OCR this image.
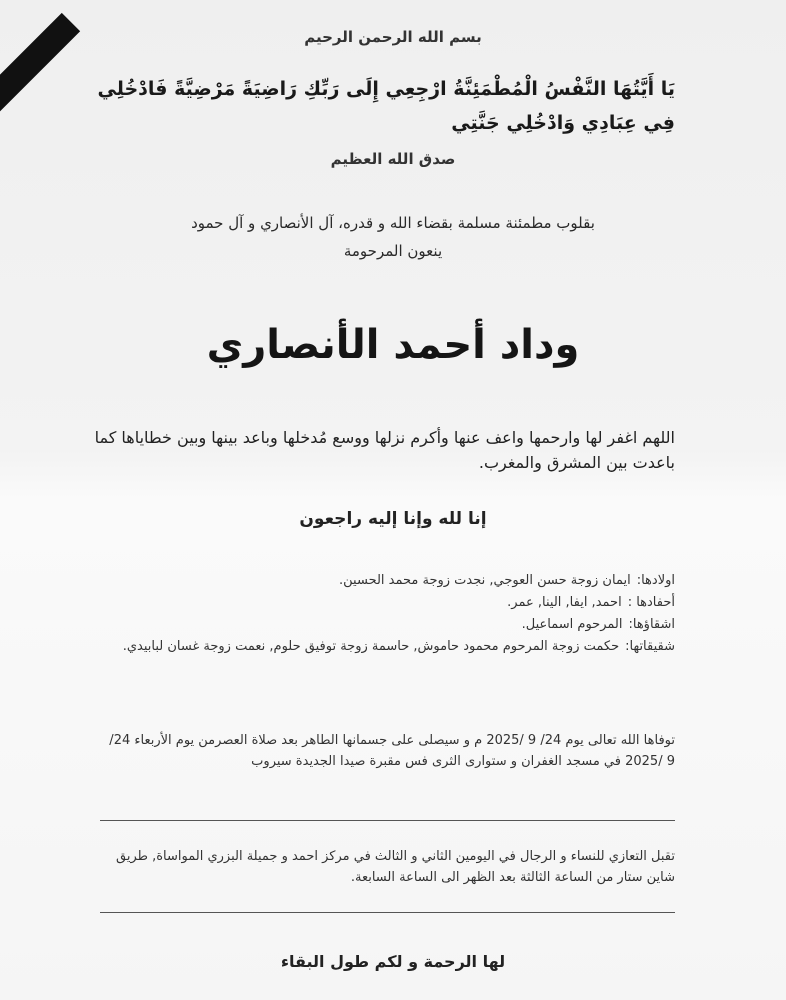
بسم الله الرحمن الرحيم
يَا أَيَّتُهَا النَّفْسُ الْمُطْمَئِنَّةُ ارْجِعِي إِلَى رَبِّكِ رَاضِيَةً مَرْضِيَّةً فَادْخُلِي فِي عِبَادِي وَادْخُلِي جَنَّتِي
صدق الله العظيم
بقلوب مطمئنة مسلمة بقضاء الله و قدره، آل الأنصاري و آل حمود
ينعون المرحومة
وداد أحمد الأنصاري
اللهم اغفر لها وارحمها واعف عنها وأكرم نزلها ووسع مُدخلها وباعد بينها وبين خطاياها كما باعدت بين المشرق والمغرب.
إنا لله وإنا إليه راجعون
اولادها:ايمان زوجة حسن العوجي, نجدت زوجة محمد الحسين.
أحفادها :احمد, ايفا, الينا, عمر.
اشقاؤها:المرحوم اسماعيل.
شقيقاتها:حكمت زوجة المرحوم محمود حاموش, حاسمة زوجة توفيق حلوم, نعمت زوجة غسان لبابيدي.
توفاها الله تعالى يوم 24/ 9 /2025 م و سيصلى على جسمانها الطاهر بعد صلاة العصرمن يوم الأربعاء 24/ 9 /2025 في مسجد الغفران و ستوارى الثرى فس مقبرة صيدا الجديدة سيروب
تقبل التعازي للنساء و الرجال في اليومين الثاني و الثالث في مركز احمد و جميلة البزري المواساة, طريق شاين ستار من الساعة الثالثة بعد الظهر الى الساعة السابعة.
لها الرحمة و لكم طول البقاء
